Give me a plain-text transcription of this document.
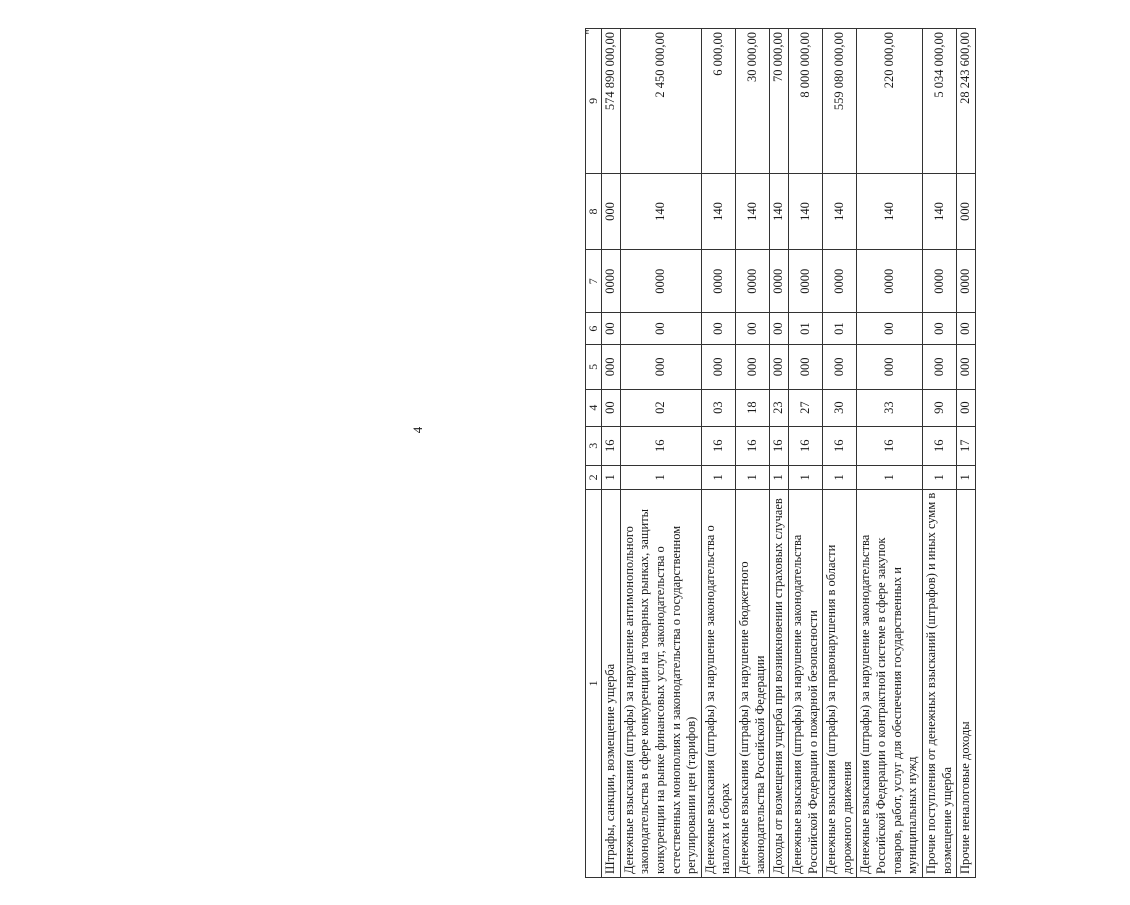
4
1	2	3	4	5	6	7	8	9
Штрафы, санкции, возмещение ущерба	1	16	00	000	00	0000	000	574 890 000,00
Денежные взыскания (штрафы) за нарушение антимонопольного законодательства в сфере конкуренции на товарных рынках, защиты конкуренции на рынке финансовых услуг, законодательства о естественных монополиях и законодательства о государственном регулировании цен (тарифов)	1	16	02	000	00	0000	140	2 450 000,00
Денежные взыскания (штрафы) за нарушение законодательства о налогах и сборах	1	16	03	000	00	0000	140	6 000,00
Денежные взыскания (штрафы) за нарушение бюджетного законодательства Российской Федерации	1	16	18	000	00	0000	140	30 000,00
Доходы от возмещения ущерба при возникновении страховых случаев	1	16	23	000	00	0000	140	70 000,00
Денежные взыскания (штрафы) за нарушение законодательства Российской Федерации о пожарной безопасности	1	16	27	000	01	0000	140	8 000 000,00
Денежные взыскания (штрафы) за правонарушения в области дорожного движения	1	16	30	000	01	0000	140	559 080 000,00
Денежные взыскания (штрафы) за нарушение законодательства Российской Федерации о контрактной системе в сфере закупок товаров, работ, услуг для обеспечения государственных и муниципальных нужд	1	16	33	000	00	0000	140	220 000,00
Прочие поступления от денежных взысканий (штрафов) и иных сумм в возмещение ущерба	1	16	90	000	00	0000	140	5 034 000,00
Прочие неналоговые доходы	1	17	00	000	00	0000	000	28 243 600,00
"
